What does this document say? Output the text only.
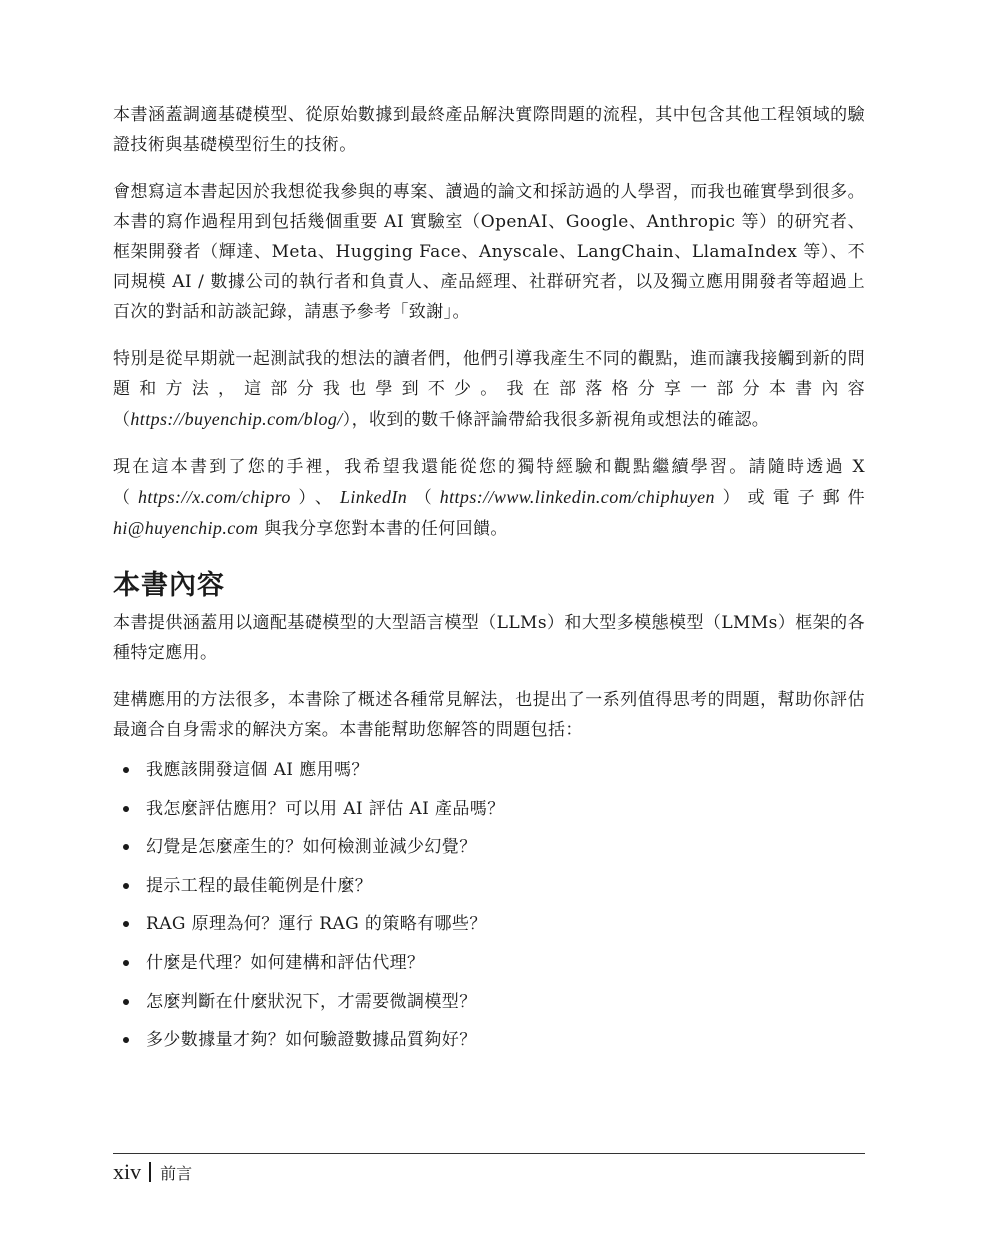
本書涵蓋調適基礎模型、從原始數據到最終產品解決實際問題的流程，其中包含其他工程領域的驗證技術與基礎模型衍生的技術。

會想寫這本書起因於我想從我參與的專案、讀過的論文和採訪過的人學習，而我也確實學到很多。本書的寫作過程用到包括幾個重要 AI 實驗室（OpenAI、Google、Anthropic 等）的研究者、框架開發者（輝達、Meta、Hugging Face、Anyscale、LangChain、LlamaIndex 等）、不同規模 AI / 數據公司的執行者和負責人、產品經理、社群研究者，以及獨立應用開發者等超過上百次的對話和訪談記錄，請惠予參考「致謝」。

特別是從早期就一起測試我的想法的讀者們，他們引導我產生不同的觀點，進而讓我接觸到新的問題和方法，這部分我也學到不少。我在部落格分享一部分本書內容（https://buyenchip.com/blog/），收到的數千條評論帶給我很多新視角或想法的確認。

現在這本書到了您的手裡，我希望我還能從您的獨特經驗和觀點繼續學習。請隨時透過 X（https://x.com/chipro）、LinkedIn（https://www.linkedin.com/chiphuyen）或電子郵件 hi@huyenchip.com 與我分享您對本書的任何回饋。

本書內容

本書提供涵蓋用以適配基礎模型的大型語言模型（LLMs）和大型多模態模型（LMMs）框架的各種特定應用。

建構應用的方法很多，本書除了概述各種常見解法，也提出了一系列值得思考的問題，幫助你評估最適合自身需求的解決方案。本書能幫助您解答的問題包括：

我應該開發這個 AI 應用嗎？
我怎麼評估應用？可以用 AI 評估 AI 產品嗎？
幻覺是怎麼產生的？如何檢測並減少幻覺？
提示工程的最佳範例是什麼？
RAG 原理為何？運行 RAG 的策略有哪些？
什麼是代理？如何建構和評估代理？
怎麼判斷在什麼狀況下，才需要微調模型？
多少數據量才夠？如何驗證數據品質夠好？
xiv 前言
